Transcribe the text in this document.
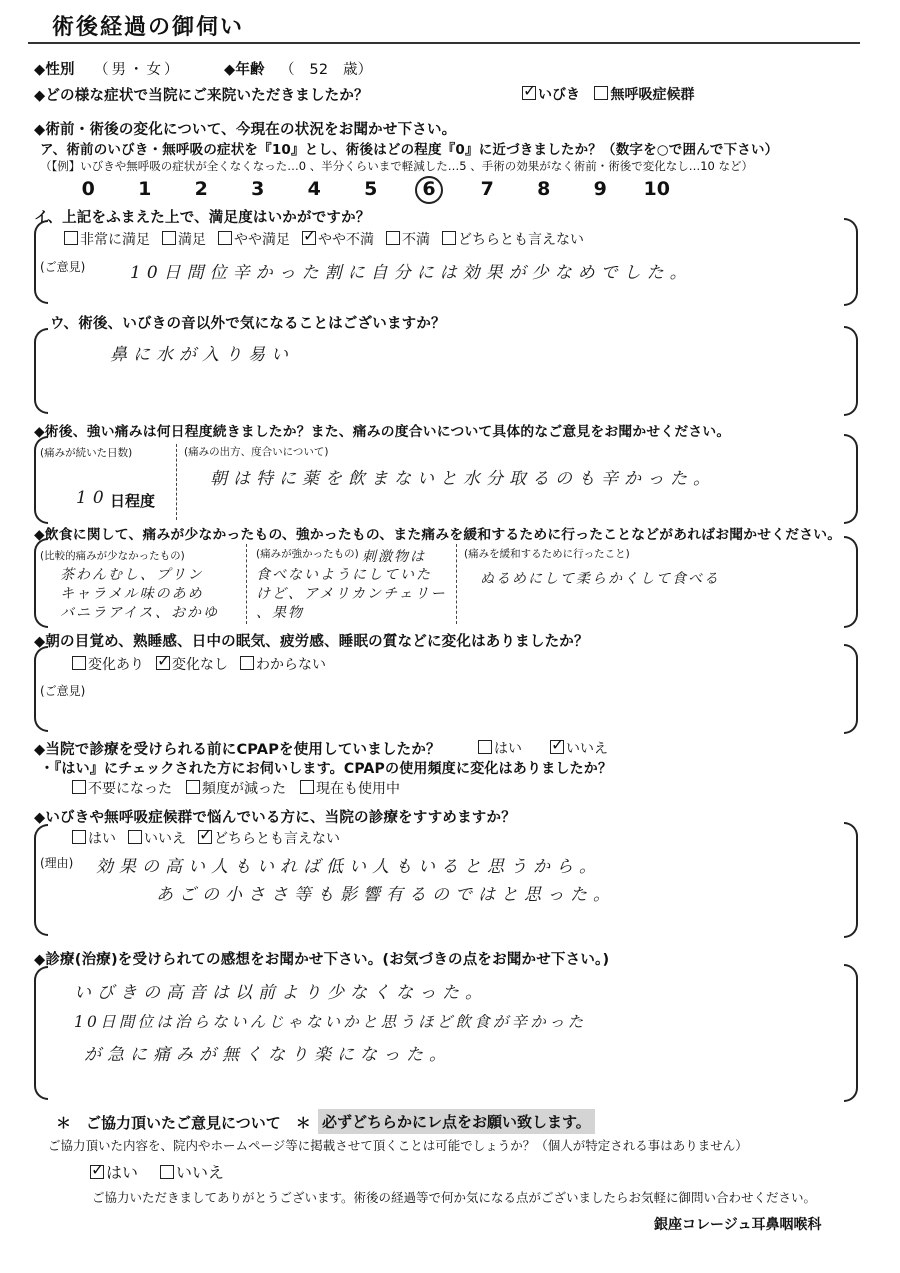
術後経過の御伺い
◆性別 （男・女）	◆年齢 （　52　歳）
◆どの様な症状で当院にご来院いただきましたか？ ✓	いびき 無呼吸症候群
◆術前・術後の変化について、今現在の状況をお聞かせ下さい。
ア、術前のいびき・無呼吸の症状を『10』とし、術後はどの程度『0』に近づきましたか？（数字を○で囲んで下さい）
（【例】いびきや無呼吸の症状が全くなくなった…0 、半分くらいまで軽減した…5 、手術の効果がなく術前・術後で変化なし…10 など）
0 1 2 3 4 5 6 7 8 9 10
イ、上記をふまえた上で、満足度はいかがですか？
非常に満足 満足 やや満足 ✓ やや不満 不満 どちらとも言えない
(ご意見)	10日間位辛かった割に自分には効果が少なめでした。
ウ、術後、いびきの音以外で気になることはございますか？
鼻に水が入り易い
◆術後、強い痛みは何日程度続きましたか？また、痛みの度合いについて具体的なご意見をお聞かせください。
(痛みが続いた日数)
10 日程度
(痛みの出方、度合いについて)
朝は特に薬を飲まないと水分取るのも辛かった。
◆飲食に関して、痛みが少なかったもの、強かったもの、また痛みを緩和するために行ったことなどがあればお聞かせください。
(比較的痛みが少なかったもの)
茶わんむし、プリン
キャラメル味のあめ
バニラアイス、おかゆ
(痛みが強かったもの) 刺激物は
食べないようにしていた
けど、アメリカンチェリー
、果物
(痛みを緩和するために行ったこと)
ぬるめにして柔らかくして食べる
◆朝の目覚め、熟睡感、日中の眠気、疲労感、睡眠の質などに変化はありましたか？
変化あり ✓ 変化なし わからない
(ご意見)
◆当院で診療を受けられる前にCPAPを使用していましたか？	はい ✓	いいえ
・『はい』にチェックされた方にお伺いします。CPAPの使用頻度に変化はありましたか？
不要になった 頻度が減った 現在も使用中
◆いびきや無呼吸症候群で悩んでいる方に、当院の診療をすすめますか？
はい いいえ ✓ どちらとも言えない
(理由) 効果の高い人もいれば低い人もいると思うから。
あごの小ささ等も影響有るのではと思った。
◆診療(治療)を受けられての感想をお聞かせ下さい。(お気づきの点をお聞かせ下さい。)
いびきの高音は以前より少なくなった。
10日間位は治らないんじゃないかと思うほど飲食が辛かった
が急に痛みが無くなり楽になった。
＊　ご協力頂いたご意見について　＊ 必ずどちらかにレ点をお願い致します。
ご協力頂いた内容を、院内やホームページ等に掲載させて頂くことは可能でしょうか？（個人が特定される事はありません）
✓はい いいえ
ご協力いただきましてありがとうございます。術後の経過等で何か気になる点がございましたらお気軽に御問い合わせください。
銀座コレージュ耳鼻咽喉科
